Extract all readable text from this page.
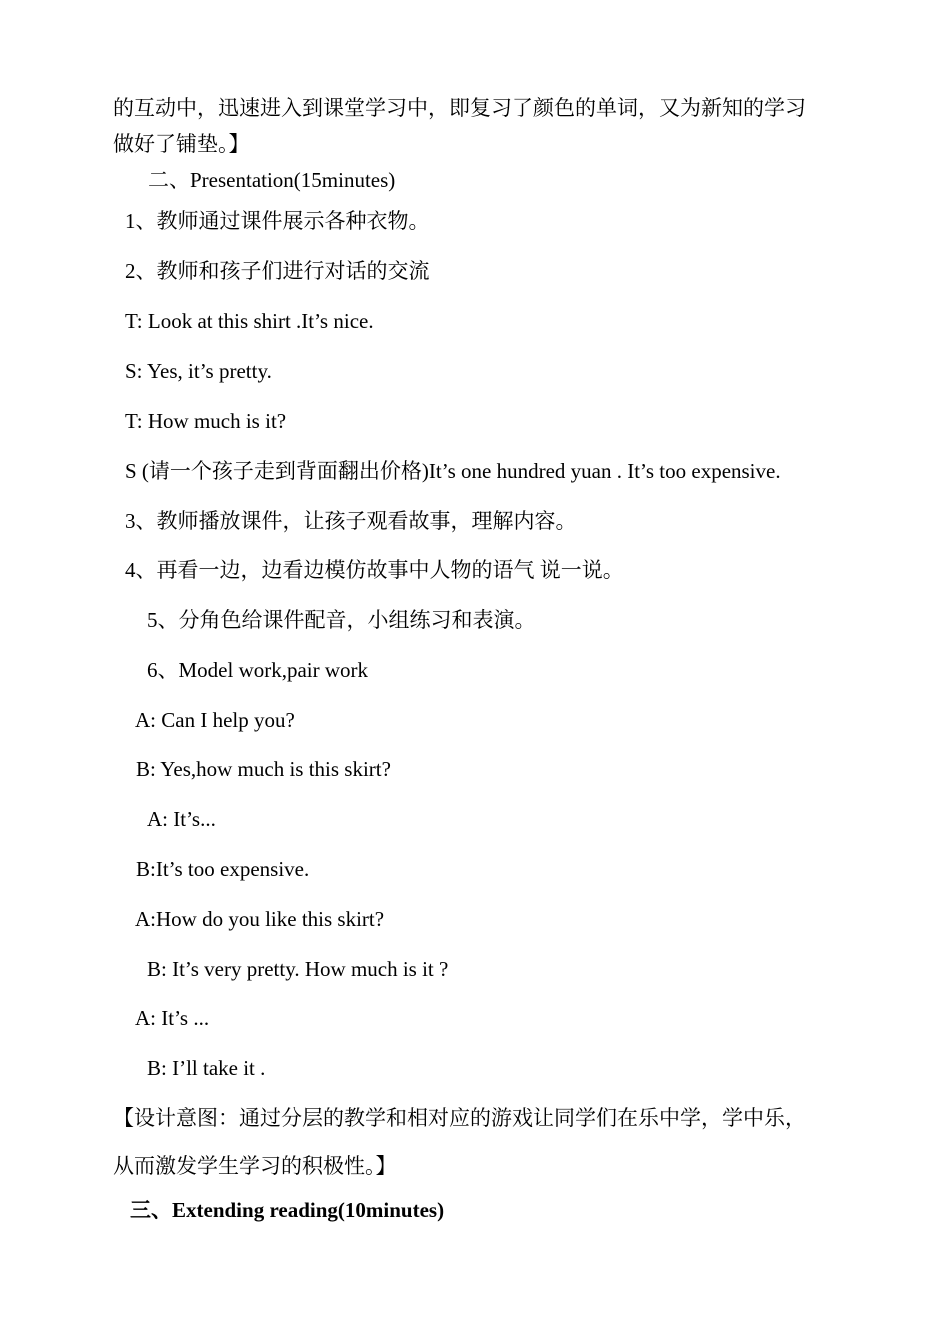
的互动中，迅速进入到课堂学习中，即复习了颜色的单词，又为新知的学习
做好了铺垫。】
二、Presentation(15minutes)
1、教师通过课件展示各种衣物。
2、教师和孩子们进行对话的交流
T: Look at this shirt .It’s nice.
S: Yes, it’s pretty.
T: How much is it?
S (请一个孩子走到背面翻出价格)It’s one hundred yuan . It’s too expensive.
3、教师播放课件，让孩子观看故事，理解内容。
4、再看一边，边看边模仿故事中人物的语气 说一说。
5、分角色给课件配音，小组练习和表演。
6、Model work,pair work
A: Can I help you?
B: Yes,how much is this skirt?
A: It’s...
B:It’s too expensive.
A:How do you like this skirt?
B: It’s very pretty. How much is it ?
A: It’s ...
B: I’ll take it .
【设计意图：通过分层的教学和相对应的游戏让同学们在乐中学，学中乐，
从而激发学生学习的积极性。】
三、Extending reading(10minutes)
